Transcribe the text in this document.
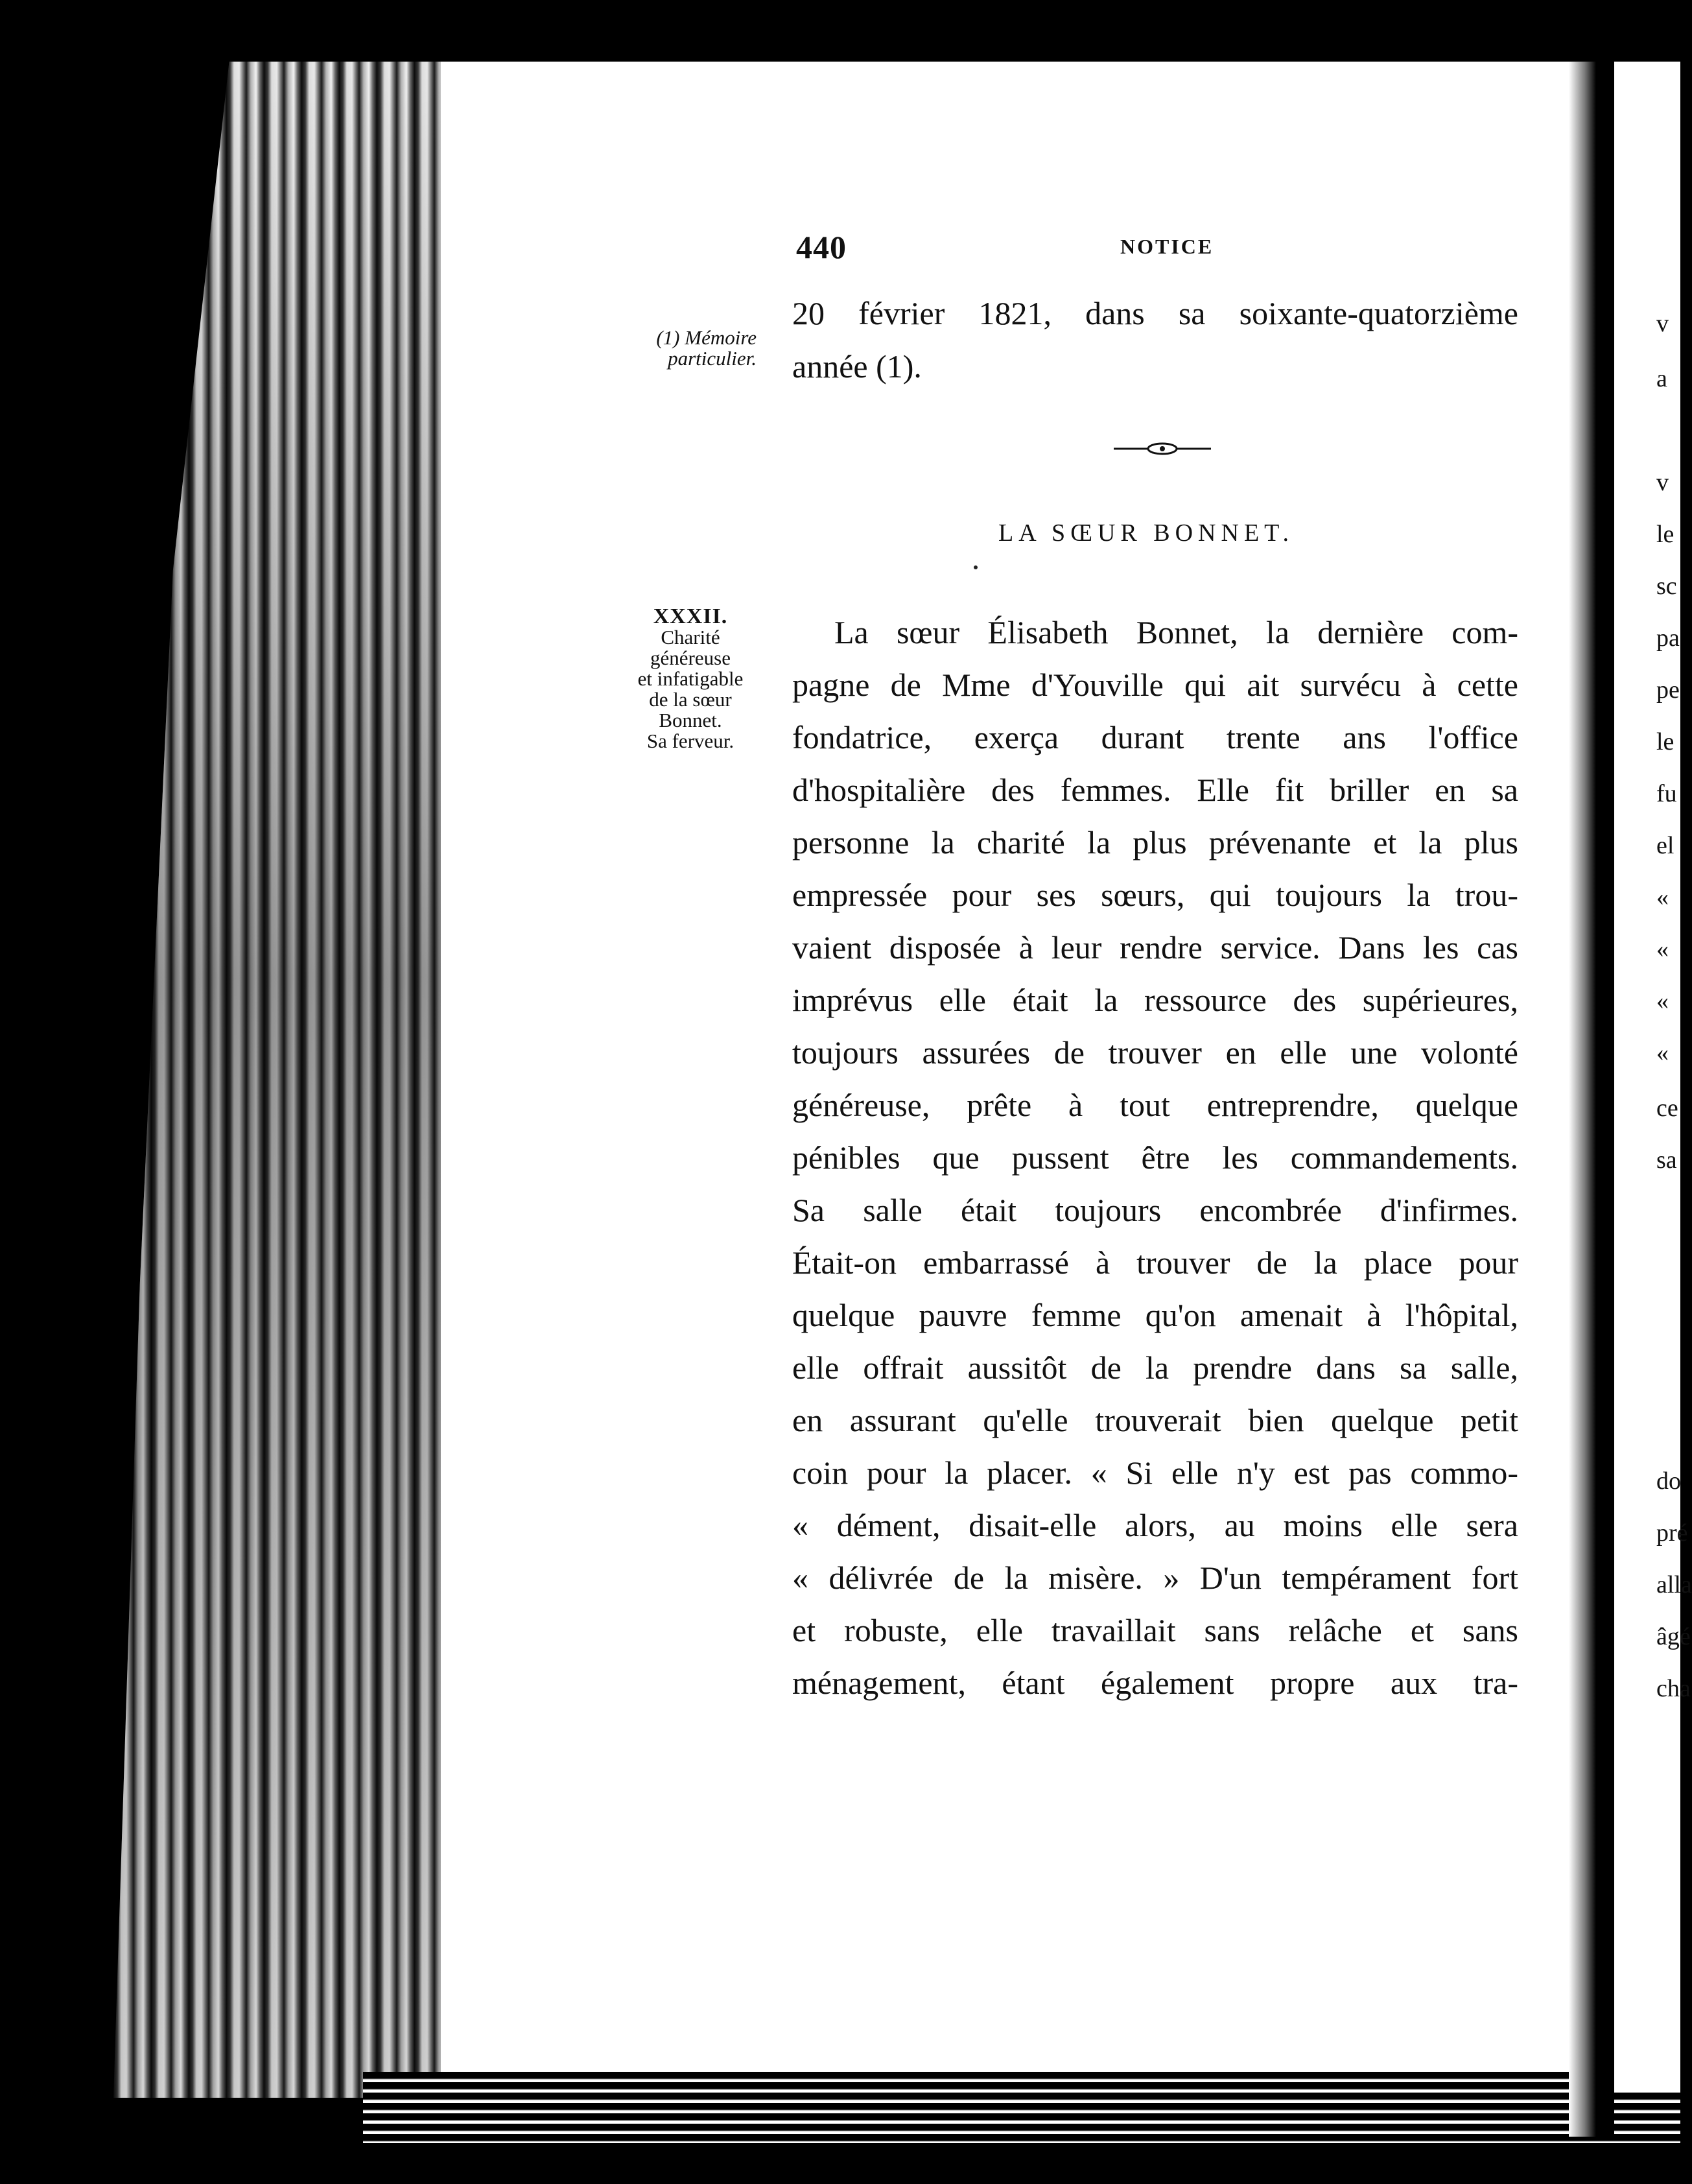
v
a
v
le
sc
pa
pe
le
fu
el
«
«
«
«
ce
sa
do
pré
alla
âgé
cha
440	NOTICE
(1) Mémoire
particulier.
XXXII.
Charité
généreuse
et infatigable
de la sœur
Bonnet.
Sa ferveur.
20 février 1821, dans sa soixante-quatorzième
année (1).
LA SŒUR BONNET.
La sœur Élisabeth Bonnet, la dernière com-
pagne de Mme d'Youville qui ait survécu à cette
fondatrice, exerça durant trente ans l'office
d'hospitalière des femmes. Elle fit briller en sa
personne la charité la plus prévenante et la plus
empressée pour ses sœurs, qui toujours la trou-
vaient disposée à leur rendre service. Dans les cas
imprévus elle était la ressource des supérieures,
toujours assurées de trouver en elle une volonté
généreuse, prête à tout entreprendre, quelque
pénibles que pussent être les commandements.
Sa salle était toujours encombrée d'infirmes.
Était-on embarrassé à trouver de la place pour
quelque pauvre femme qu'on amenait à l'hôpital,
elle offrait aussitôt de la prendre dans sa salle,
en assurant qu'elle trouverait bien quelque petit
coin pour la placer. « Si elle n'y est pas commo-
« dément, disait-elle alors, au moins elle sera
« délivrée de la misère. » D'un tempérament fort
et robuste, elle travaillait sans relâche et sans
ménagement, étant également propre aux tra-
